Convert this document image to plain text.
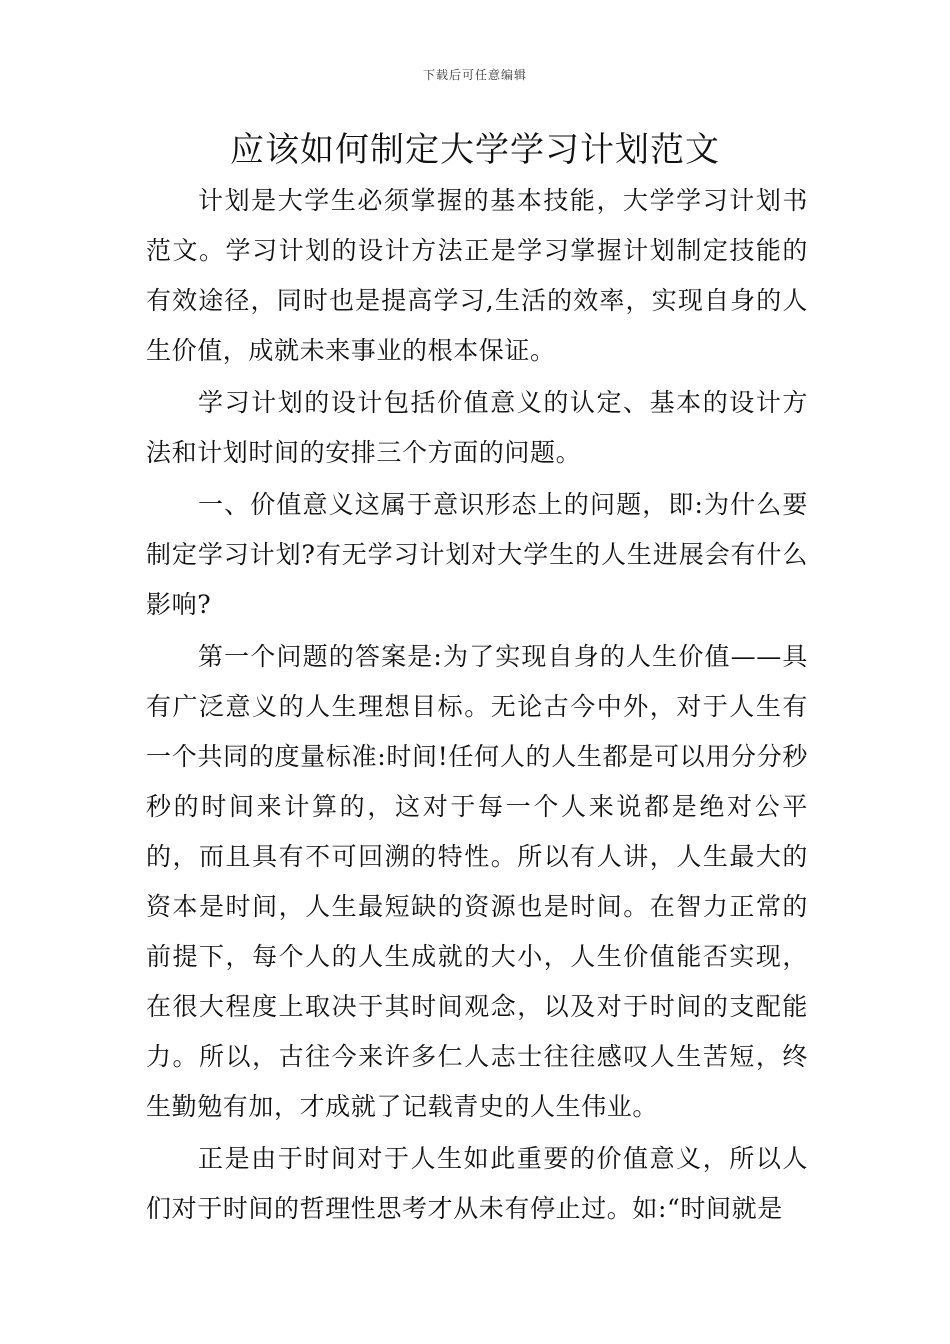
下载后可任意编辑
应该如何制定大学学习计划范文

计划是大学生必须掌握的基本技能，大学学习计划书范文。学习计划的设计方法正是学习掌握计划制定技能的有效途径，同时也是提高学习,生活的效率，实现自身的人生价值，成就未来事业的根本保证。

学习计划的设计包括价值意义的认定、基本的设计方法和计划时间的安排三个方面的问题。

一、价值意义这属于意识形态上的问题，即:为什么要制定学习计划?有无学习计划对大学生的人生进展会有什么影响?

第一个问题的答案是:为了实现自身的人生价值——具有广泛意义的人生理想目标。无论古今中外，对于人生有一个共同的度量标准:时间!任何人的人生都是可以用分分秒秒的时间来计算的，这对于每一个人来说都是绝对公平的，而且具有不可回溯的特性。所以有人讲，人生最大的资本是时间，人生最短缺的资源也是时间。在智力正常的前提下，每个人的人生成就的大小，人生价值能否实现，在很大程度上取决于其时间观念，以及对于时间的支配能力。所以，古往今来许多仁人志士往往感叹人生苦短，终生勤勉有加，才成就了记载青史的人生伟业。

正是由于时间对于人生如此重要的价值意义，所以人们对于时间的哲理性思考才从未有停止过。如:“时间就是
